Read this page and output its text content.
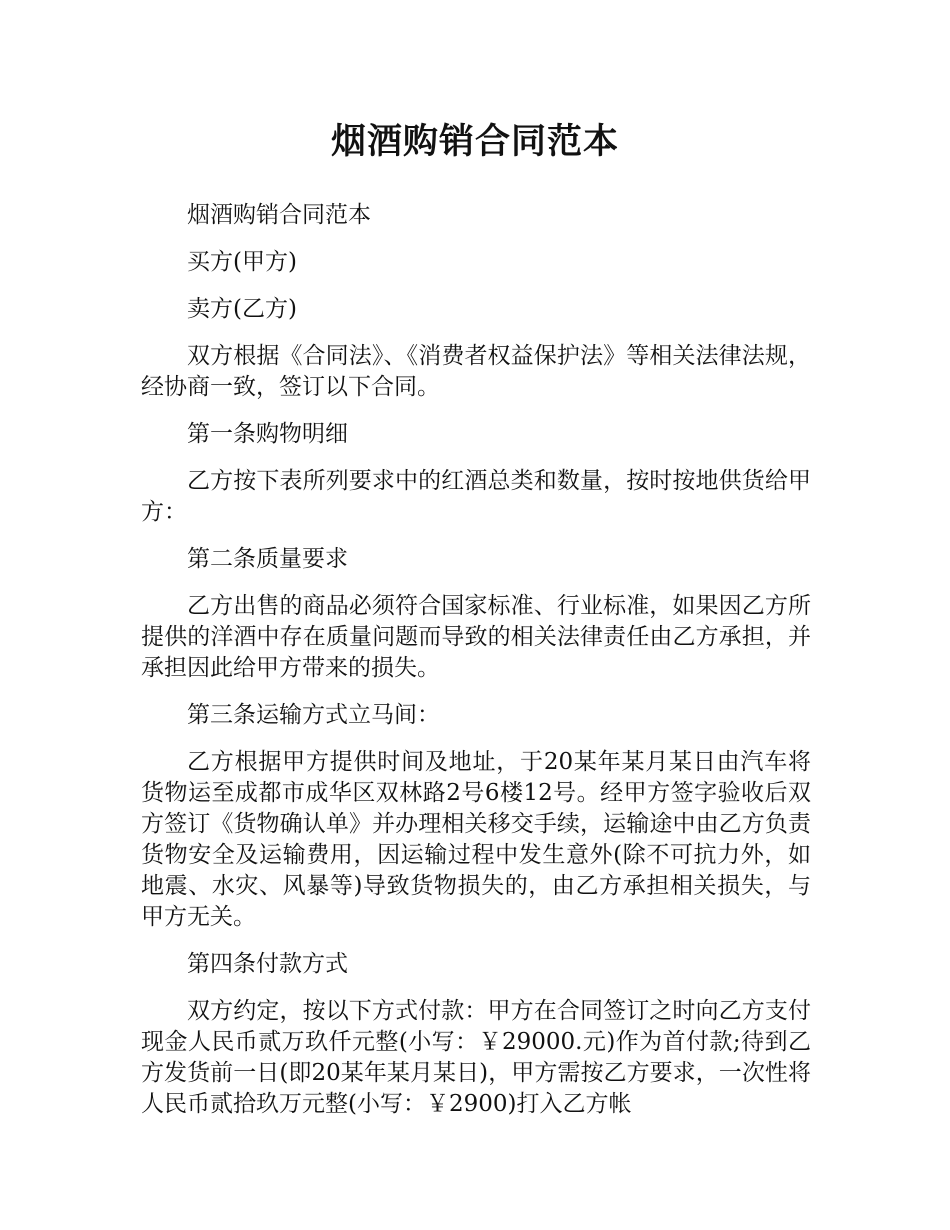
烟酒购销合同范本

烟酒购销合同范本

买方(甲方)

卖方(乙方)

双方根据《合同法》、《消费者权益保护法》等相关法律法规，经协商一致，签订以下合同。

第一条购物明细

乙方按下表所列要求中的红酒总类和数量，按时按地供货给甲方：

第二条质量要求

乙方出售的商品必须符合国家标准、行业标准，如果因乙方所提供的洋酒中存在质量问题而导致的相关法律责任由乙方承担，并承担因此给甲方带来的损失。

第三条运输方式立马间：

乙方根据甲方提供时间及地址，于20某年某月某日由汽车将货物运至成都市成华区双林路2号6楼12号。经甲方签字验收后双方签订《货物确认单》并办理相关移交手续，运输途中由乙方负责货物安全及运输费用，因运输过程中发生意外(除不可抗力外，如地震、水灾、风暴等)导致货物损失的，由乙方承担相关损失，与甲方无关。

第四条付款方式

双方约定，按以下方式付款：甲方在合同签订之时向乙方支付现金人民币贰万玖仟元整(小写：￥29000.元)作为首付款;待到乙方发货前一日(即20某年某月某日)，甲方需按乙方要求，一次性将人民币贰拾玖万元整(小写：￥2900)打入乙方帐
